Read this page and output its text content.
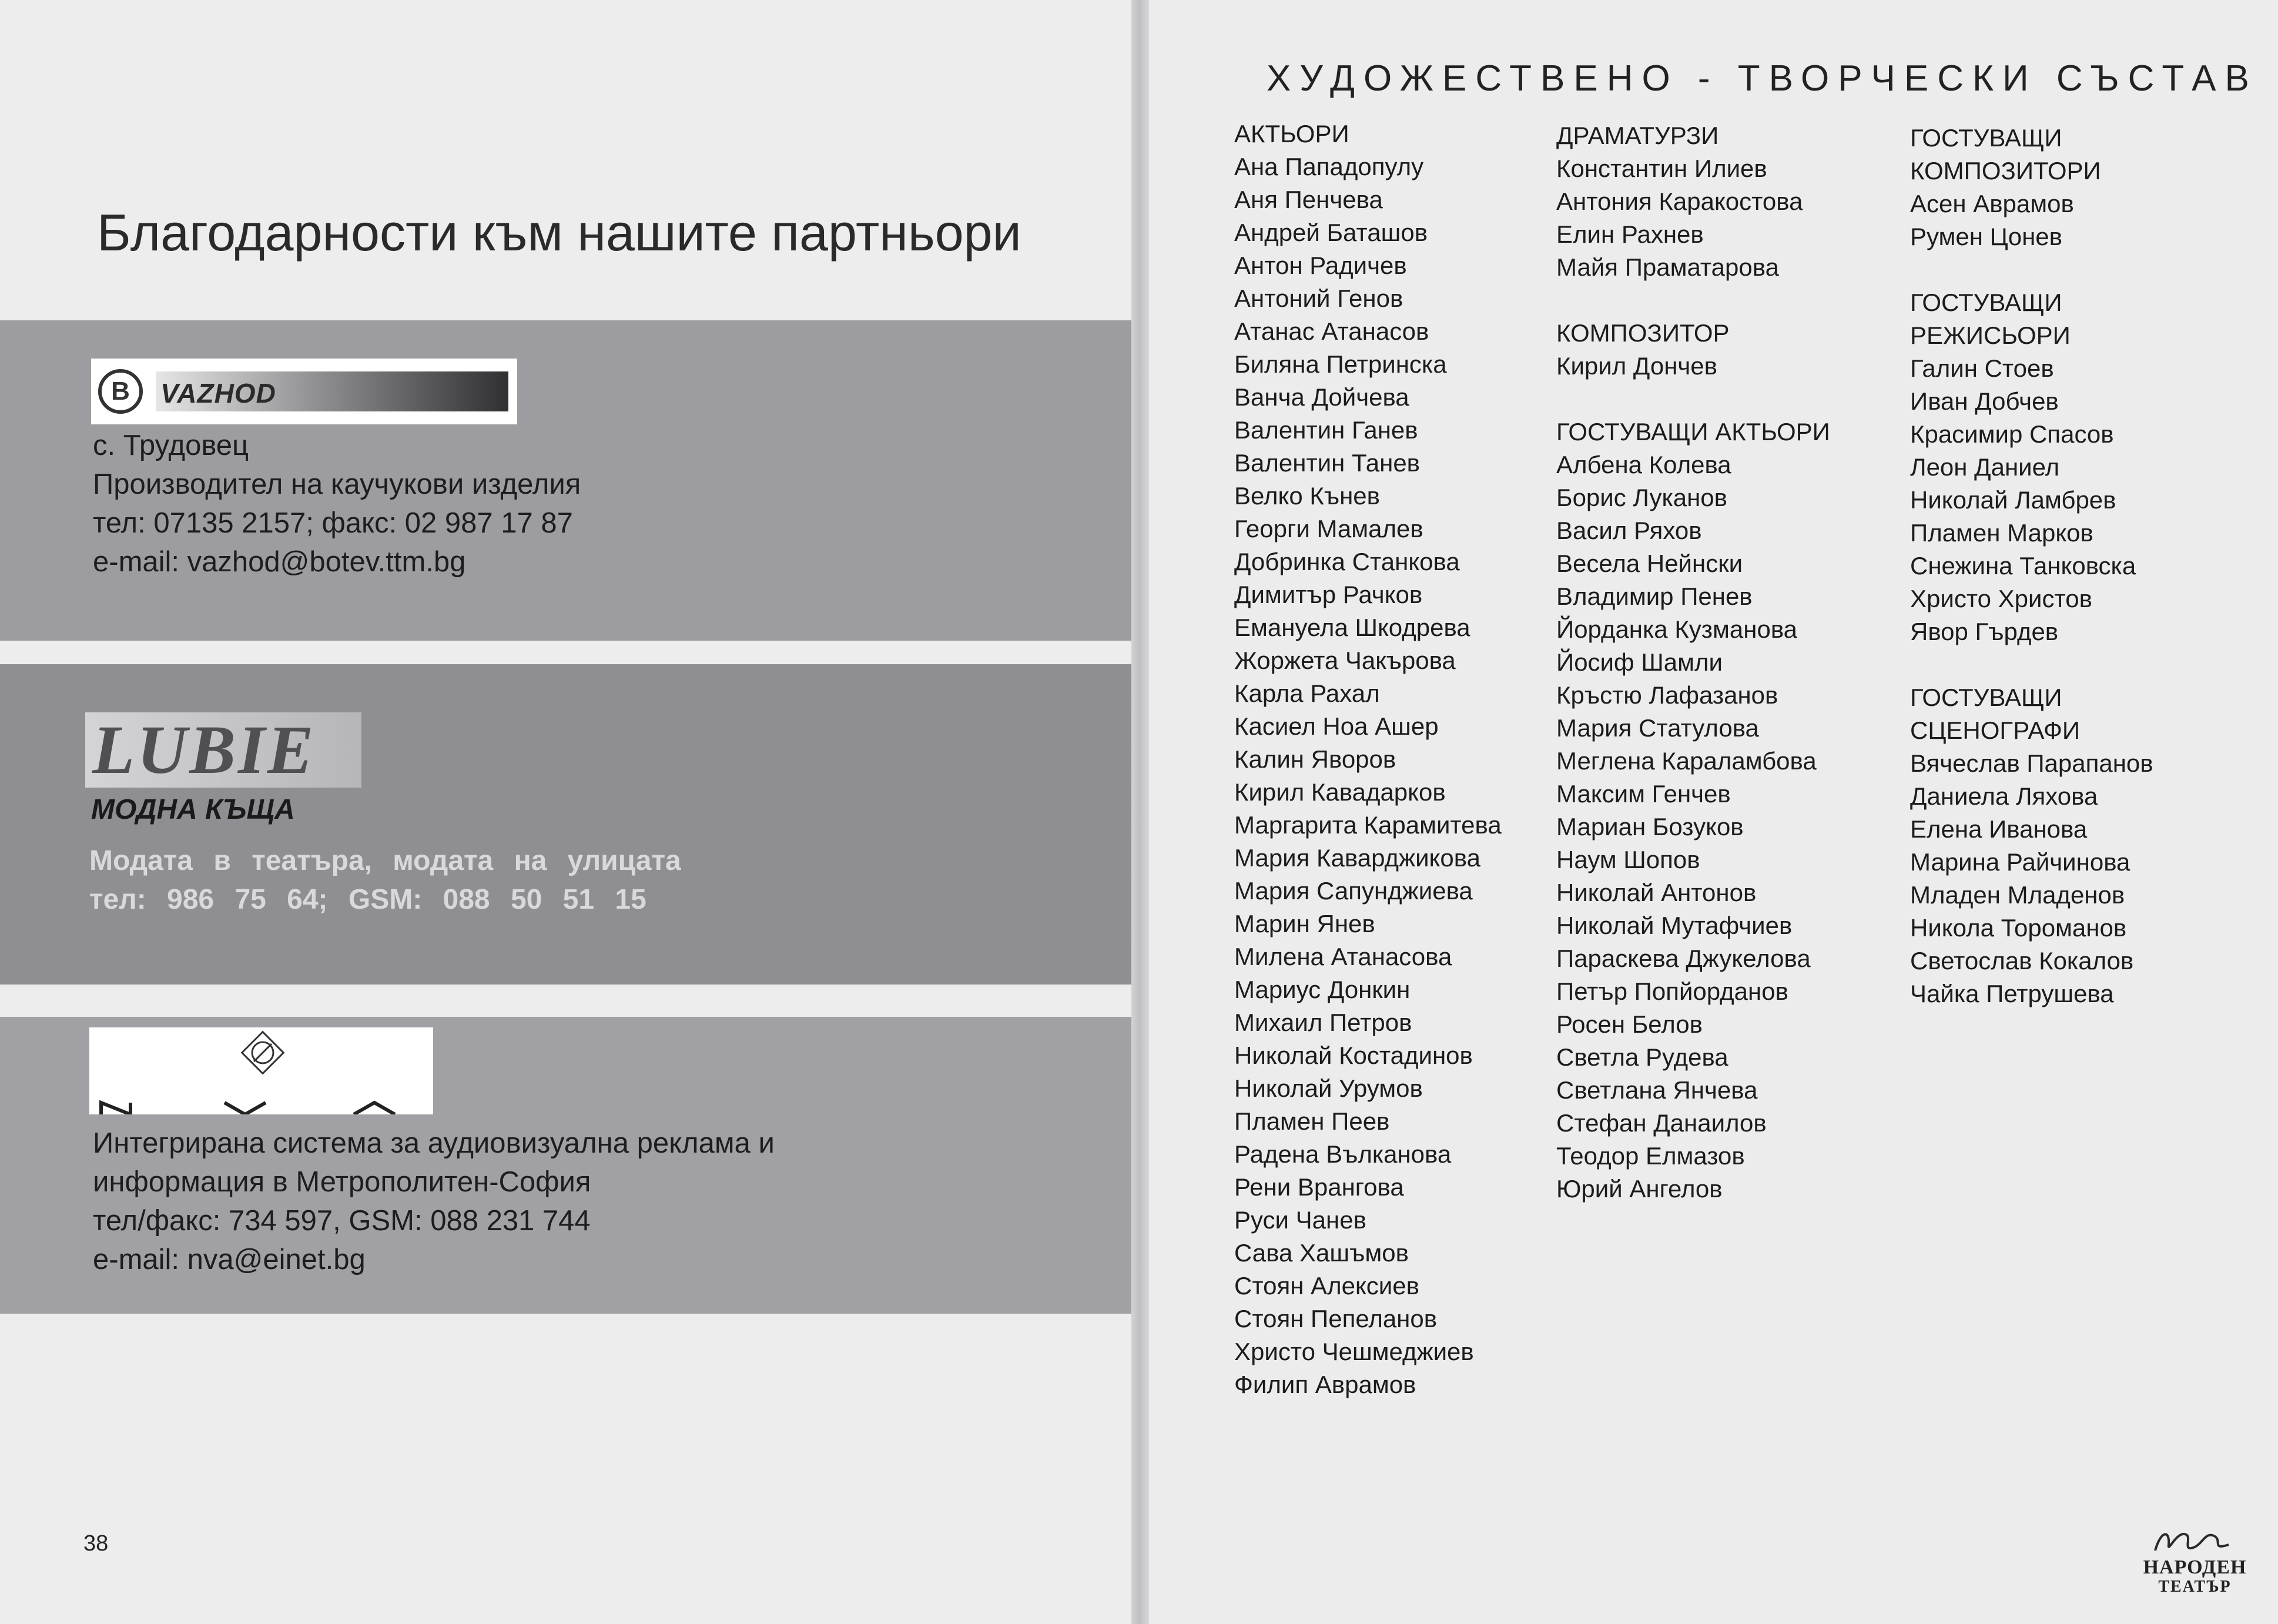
Благодарности към нашите партньори
B	VAZHOD
с. Трудовец
Производител на каучукови изделия
тел: 07135 2157; факс: 02 987 17 87
e-mail: vazhod@botev.ttm.bg
LUBIE
МОДНА КЪЩА
Модата в театъра, модата на улицата
тел: 986 75 64; GSM: 088 50 51 15
Интегрирана система за аудиовизуална реклама и
информация в Метрополитен-София
тел/факс: 734 597, GSM: 088 231 744
e-mail: nva@einet.bg
38
ХУДОЖЕСТВЕНО - ТВОРЧЕСКИ СЪСТАВ
АКТЬОРИ
Ана Пападопулу
Аня Пенчева
Андрей Баташов
Антон Радичев
Антоний Генов
Атанас Атанасов
Биляна Петринска
Ванча Дойчева
Валентин Ганев
Валентин Танев
Велко Кънев
Георги Мамалев
Добринка Станкова
Димитър Рачков
Емануела Шкодрева
Жоржета Чакърова
Карла Рахал
Касиел Ноа Ашер
Калин Яворов
Кирил Кавадарков
Маргарита Карамитева
Мария Каварджикова
Мария Сапунджиева
Марин Янев
Милена Атанасова
Мариус Донкин
Михаил Петров
Николай Костадинов
Николай Урумов
Пламен Пеев
Радена Вълканова
Рени Врангова
Руси Чанев
Сава Хашъмов
Стоян Алексиев
Стоян Пепеланов
Христо Чешмеджиев
Филип Аврамов
ДРАМАТУРЗИ
Константин Илиев
Антония Каракостова
Елин Рахнев
Майя Праматарова
КОМПОЗИТОР
Кирил Дончев
ГОСТУВАЩИ АКТЬОРИ
Албена Колева
Борис Луканов
Васил Ряхов
Весела Нейнски
Владимир Пенев
Йорданка Кузманова
Йосиф Шамли
Кръстю Лафазанов
Мария Статулова
Меглена Караламбова
Максим Генчев
Мариан Бозуков
Наум Шопов
Николай Антонов
Николай Мутафчиев
Параскева Джукелова
Петър Попйорданов
Росен Белов
Светла Рудева
Светлана Янчева
Стефан Данаилов
Теодор Елмазов
Юрий Ангелов
ГОСТУВАЩИ
КОМПОЗИТОРИ
Асен Аврамов
Румен Цонев
ГОСТУВАЩИ
РЕЖИСЬОРИ
Галин Стоев
Иван Добчев
Красимир Спасов
Леон Даниел
Николай Ламбрев
Пламен Марков
Снежина Танковска
Христо Христов
Явор Гърдев
ГОСТУВАЩИ
СЦЕНОГРАФИ
Вячеслав Парапанов
Даниела Ляхова
Елена Иванова
Марина Райчинова
Младен Младенов
Никола Тороманов
Светослав Кокалов
Чайка Петрушева
НАРОДЕН
ТЕАТЪР
